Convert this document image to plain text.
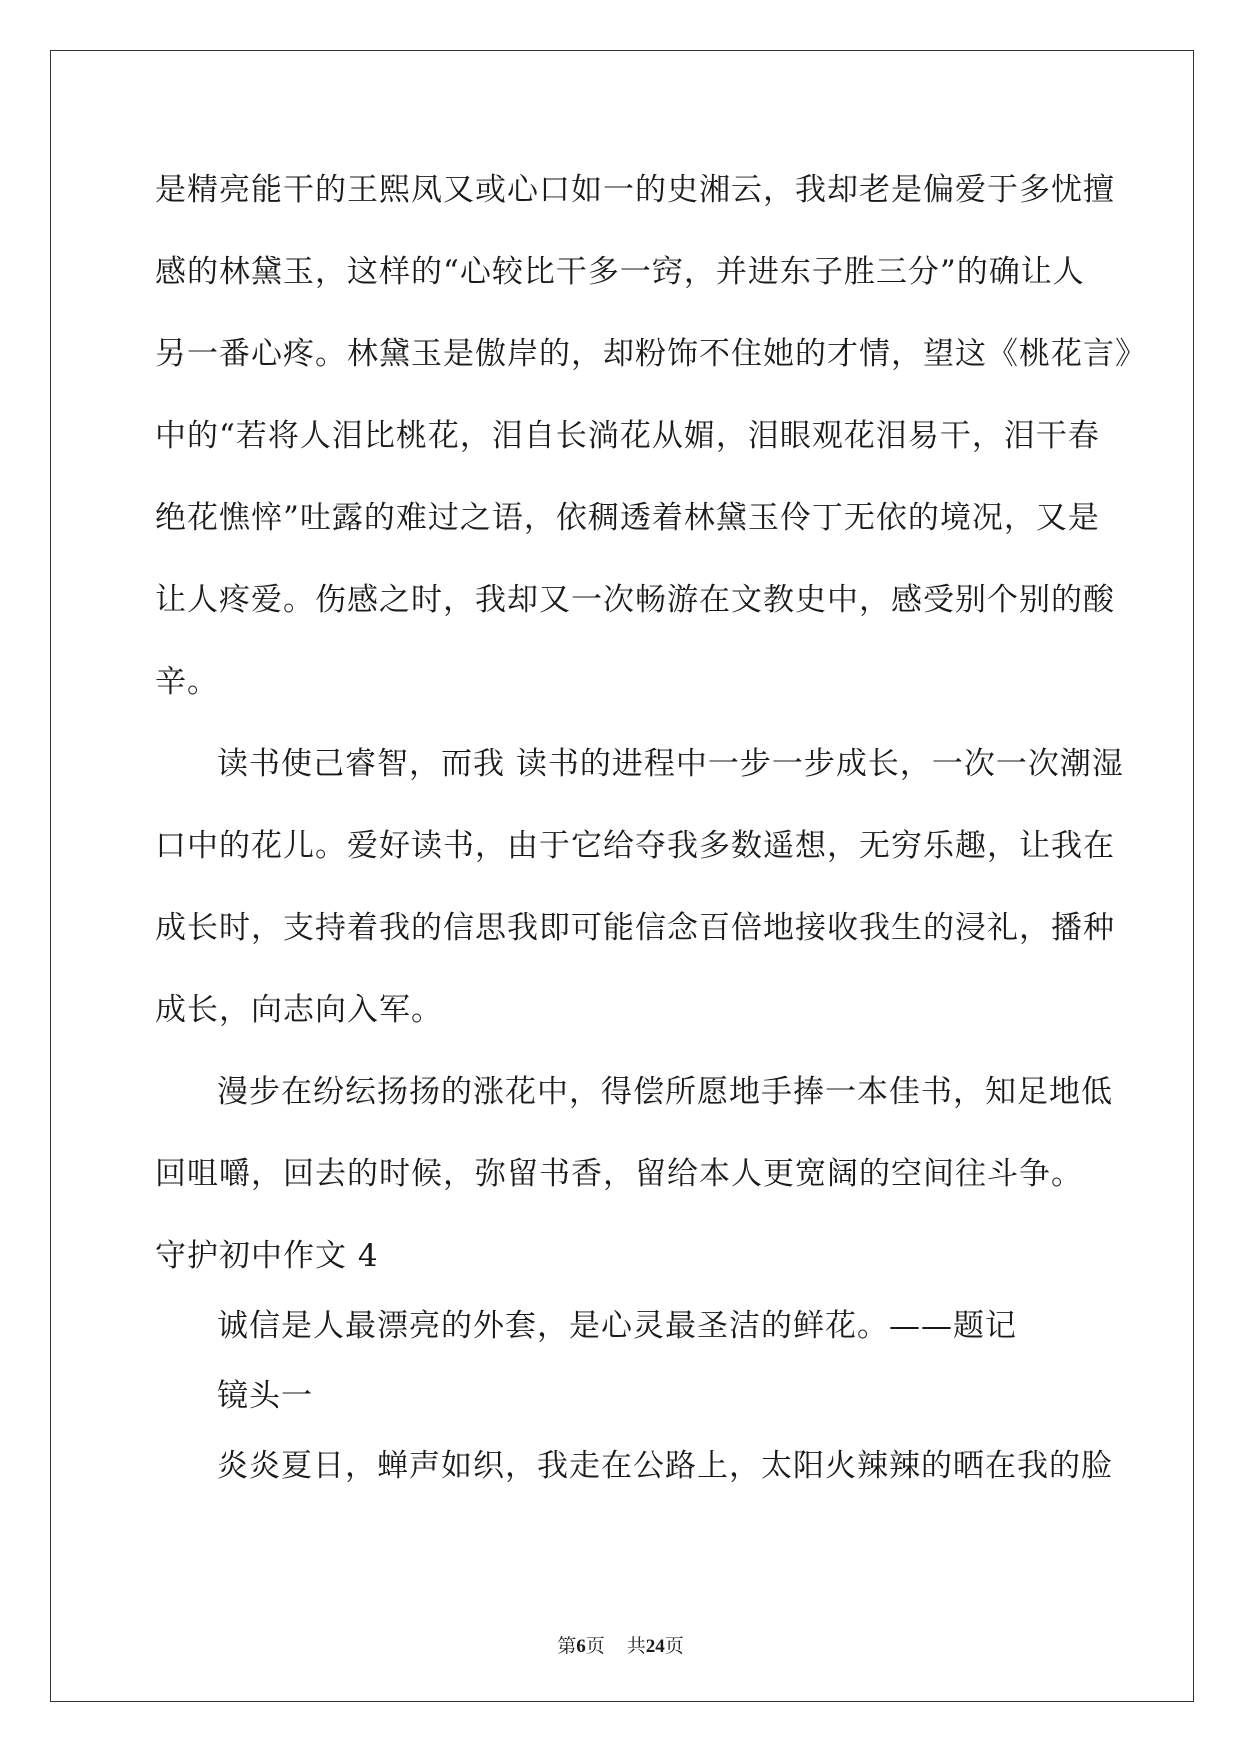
是精亮能干的王熙凤又或心口如一的史湘云，我却老是偏爱于多忧擅
感的林黛玉，这样的“心较比干多一窍，并进东子胜三分”的确让人
另一番心疼。林黛玉是傲岸的，却粉饰不住她的才情，望这《桃花言》
中的“若将人泪比桃花，泪自长淌花从媚，泪眼观花泪易干，泪干春
绝花憔悴”吐露的难过之语，依稠透着林黛玉伶丁无依的境况，又是
让人疼爱。伤感之时，我却又一次畅游在文教史中，感受别个别的酸
辛。
读书使己睿智，而我 读书的进程中一步一步成长，一次一次潮湿
口中的花儿。爱好读书，由于它给夺我多数遥想，无穷乐趣，让我在
成长时，支持着我的信思我即可能信念百倍地接收我生的浸礼，播种
成长，向志向入军。
漫步在纷纭扬扬的涨花中，得偿所愿地手捧一本佳书，知足地低
回咀嚼，回去的时候，弥留书香，留给本人更宽阔的空间往斗争。
守护初中作文 4
诚信是人最漂亮的外套，是心灵最圣洁的鲜花。——题记
镜头一
炎炎夏日，蝉声如织，我走在公路上，太阳火辣辣的晒在我的脸
第6页 共24页
